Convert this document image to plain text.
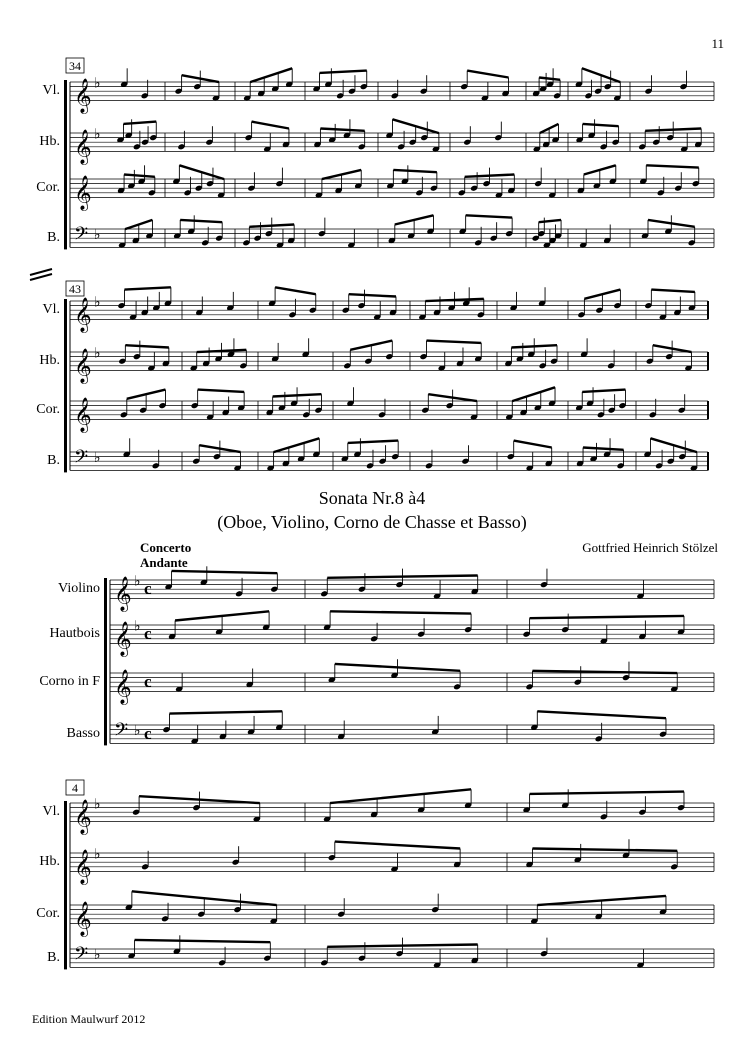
11
34
Vl. 𝄞 ♭
Hb. 𝄞 ♭
Cor. 𝄞
B. 𝄢 ♭
43
Vl. 𝄞 ♭
Hb. 𝄞 ♭
Cor. 𝄞
B. 𝄢 ♭
Violino 𝄞 ♭ c
Hautbois 𝄞 ♭ c
Corno in F 𝄞 c
Basso 𝄢 ♭ c
4
Vl. 𝄞 ♭
Hb. 𝄞 ♭
Cor. 𝄞
B. 𝄢 ♭
Sonata Nr.8 à4
(Oboe, Violino, Corno de Chasse et Basso)
Concerto
Andante
Gottfried Heinrich Stölzel
Edition Maulwurf 2012
